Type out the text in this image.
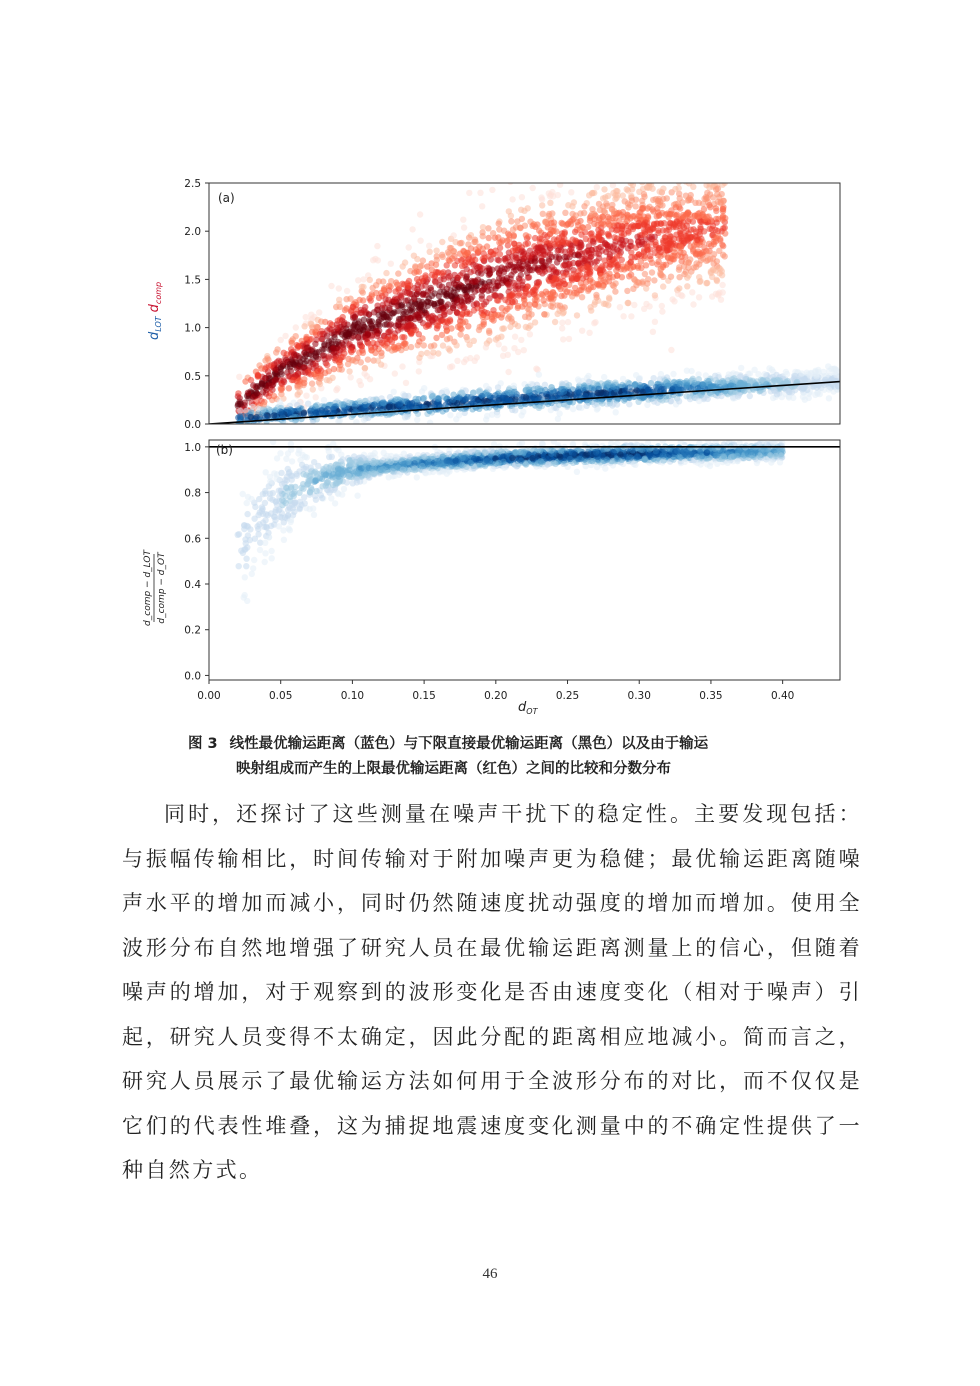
0.0
0.5
1.0
1.5
2.0
2.5
(a)
$d_{LOT}d_{comp}$
0.0
0.2
0.4
0.6
0.8
1.0 (b)
d_comp − d_LOT d_comp − d_OT
0.00	0.05	0.10	0.15	0.20	0.25	0.30	0.35	0.40
$d_{OT}$
图 3 线性最优输运距离（蓝色）与下限直接最优输运距离（黑色）以及由于输运
映射组成而产生的上限最优输运距离（红色）之间的比较和分数分布

同时，还探讨了这些测量在噪声干扰下的稳定性。主要发现包括：与振幅传输相比，时间传输对于附加噪声更为稳健；最优输运距离随噪声水平的增加而减小，同时仍然随速度扰动强度的增加而增加。使用全波形分布自然地增强了研究人员在最优输运距离测量上的信心，但随着噪声的增加，对于观察到的波形变化是否由速度变化（相对于噪声）引起，研究人员变得不太确定，因此分配的距离相应地减小。简而言之，研究人员展示了最优输运方法如何用于全波形分布的对比，而不仅仅是它们的代表性堆叠，这为捕捉地震速度变化测量中的不确定性提供了一种自然方式。

46
